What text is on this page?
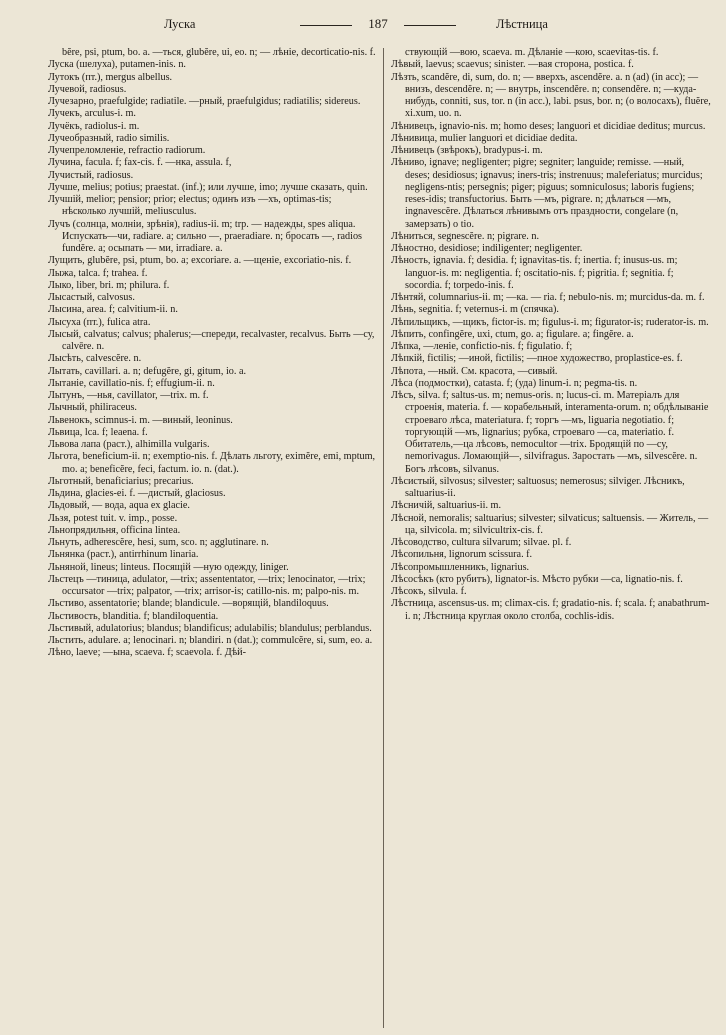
Луска	187	Лѣстница
bĕre, psi, ptum, bo. a. —ться, glubĕre, ui, eo. n; — лѣніе, decorticatio-nis. f.
Луска (шелуха), putamen-inis. n.
Лутокъ (пт.), mergus albellus.
Лучевой, radiosus.
Лучезарно, praefulgide; radiatile. —рный, praefulgidus; radiatilis; sidereus.
Лучекъ, arculus-i. m.
Лучёкъ, radiolus-i. m.
Лучеобразный, radio similis.
Лучепреломленіе, refractio radiorum.
Лучина, facula. f; fax-cis. f. —нка, assula. f,
Лучистый, radiosus.
Лучше, melius; potius; praestat. (inf.); или лучше, imo; лучше сказать, quin.
Лучшій, melior; pensior; prior; electus; одинъ изъ —хъ, optimas-tis; нѣсколько лучшій, meliusculus.
Лучъ (солнца, молніи, зрѣнія), radius-ii. m; trp. — надежды, spes aliqua. Испускать—чи, radiare. a; сильно —, praeradiare. n; бросать —, radios fundĕre. a; осыпать — ми, irradiare. a.
Лущить, glubĕre, psi, ptum, bo. a; excoriare. a. —щеніе, excoriatio-nis. f.
Лыжа, talca. f; trahea. f.
Лыко, liber, bri. m; philura. f.
Лысастый, calvosus.
Лысина, area. f; calvitium-ii. n.
Лысуха (пт.), fulica atra.
Лысый, calvatus; calvus; phalerus;—спереди, recalvaster, recalvus. Быть —су, calvēre. n.
Лысѣть, calvescĕre. n.
Лытать, cavillari. a. n; defugĕre, gi, gitum, io. a.
Лытаніе, cavillatio-nis. f; effugium-ii. n.
Лытунъ, —нья, cavillator, —trix. m. f.
Лычный, philiraceus.
Львенокъ, scimnus-i. m. —виный, leoninus.
Львица, lca. f; leaena. f.
Львова лапа (раст.), alhimilla vulgaris.
Льгота, beneficium-ii. n; exemptio-nis. f. Дѣлать льготу, eximĕre, emi, mptum, mo. a; beneficĕre, feci, factum. io. n. (dat.).
Льготный, benaficiarius; precarius.
Льдина, glacies-ei. f. —дистый, glaciosus.
Льдовый, — вода, aqua ex glacie.
Льзя, potest tuit. v. imp., posse.
Льнопрядильня, officina lintea.
Льнуть, adherescĕre, hesi, sum, sco. n; agglutinare. n.
Льнянка (раст.), antirrhinum linaria.
Льняной, lineus; linteus. Посящій —ную одежду, liniger.
Льстецъ —тиница, adulator, —trix; assententator, —trix; lenocinator, —trix; occursator —trix; palpator, —trix; arrisor-is; catillo-nis. m; palpo-nis. m.
Льстиво, assentatorie; blande; blandicule. —ворящій, blandiloquus.
Льстивость, blanditia. f; blandiloquentia.
Льстивый, adulatorius; blandus; blandificus; adulabilis; blandulus; perblandus.
Льстить, adulare. a; lenocinari. n; blandiri. n (dat.); commulcĕre, si, sum, eo. a.
Лѣно, laeve; —ына, scaeva. f; scaevola. f. Дѣй-
ствующій —вою, scaeva. m. Дѣланіе —кою, scaevitas-tis. f.
Лѣвый, laevus; scaevus; sinister. —вая сторона, postica. f.
Лѣзть, scandĕre, di, sum, do. n; — вверхъ, ascendĕre. a. n (ad) (in acc); — внизъ, descendĕre. n; — внутрь, inscendĕre. n; consendĕre. n; —куда-нибудь, conniti, sus, tor. n (in acc.), labi. psus, bor. n; (о волосахъ), fluĕre, xi.xum, uo. n.
Лѣнивецъ, ignavio-nis. m; homo deses; languori et dicidiae deditus; murcus.
Лѣнивица, mulier languori et dicidiae dedita.
Лѣнивецъ (звѣрокъ), bradypus-i. m.
Лѣниво, ignave; negligenter; pigre; segniter; languide; remisse. —ный, deses; desidiosus; ignavus; iners-tris; instrenuus; maleferiatus; murcidus; negligens-ntis; persegnis; piger; piguus; somniculosus; laboris fugiens; reses-idis; transfuctorius. Быть —мъ, pigrare. n; дѣлаться —мъ, ingnavescĕre. Дѣлаться лѣнивымъ отъ праздности, congelare (n, замерзать) o tio.
Лѣниться, segnescĕre. n; pigrare. n.
Лѣностно, desidiose; indiligenter; negligenter.
Лѣность, ignavia. f; desidia. f; ignavitas-tis. f; inertia. f; inusus-us. m; languor-is. m: negligentia. f; oscitatio-nis. f; pigritia. f; segnitia. f; socordia. f; torpedo-inis. f.
Лѣнтяй, columnarius-ii. m; —ка. — ria. f; nebulo-nis. m; murcidus-da. m. f.
Лѣнь, segnitia. f; veternus-i. m (спячка).
Лѣпильщикъ, —щикъ, fictor-is. m; figulus-i. m; figurator-is; ruderator-is. m.
Лѣпить, confingĕre, uxi, ctum, go. a; figulare. a; fingĕre. a.
Лѣпка, —леніе, confictio-nis. f; figulatio. f;
Лѣпкій, fictilis; —иной, fictilis; —пное художество, proplastice-es. f.
Лѣпота, —ный. См. красота, —сивый.
Лѣса (подмостки), catasta. f; (уда) linum-i. n; pegma-tis. n.
Лѣсъ, silva. f; saltus-us. m; nemus-oris. n; lucus-ci. m. Матеріалъ для строенія, materia. f. — корабельный, interamenta-orum. n; обдѣлываніе строеваго лѣса, materiatura. f; торгъ —мъ, liguaria negotiatio. f; торгующій —мъ, lignarius; рубка, строеваго —са, materiatio. f. Обитатель,—ца лѣсовъ, nemocultor —trix. Бродящій по —су, nemorivagus. Ломающій—, silvifragus. Заростать —мъ, silvescĕre. n. Богъ лѣсовъ, silvanus.
Лѣсистый, silvosus; silvester; saltuosus; nemerosus; silviger. Лѣсникъ, saltuarius-ii.
Лѣсничій, saltuarius-ii. m.
Лѣсной, nemoralis; saltuarius; silvester; silvaticus; saltuensis. — Житель, —ца, silvicola. m; silvicultrix-cis. f.
Лѣсоводство, cultura silvarum; silvae. pl. f.
Лѣсопильня, lignorum scissura. f.
Лѣсопромышленникъ, lignarius.
Лѣсосѣкъ (кто рубитъ), lignator-is. Мѣсто рубки —са, lignatio-nis. f.
Лѣсокъ, silvula. f.
Лѣстница, ascensus-us. m; climax-cis. f; gradatio-nis. f; scala. f; anabathrum-i. n; Лѣстница круглая около столба, cochlis-idis.
